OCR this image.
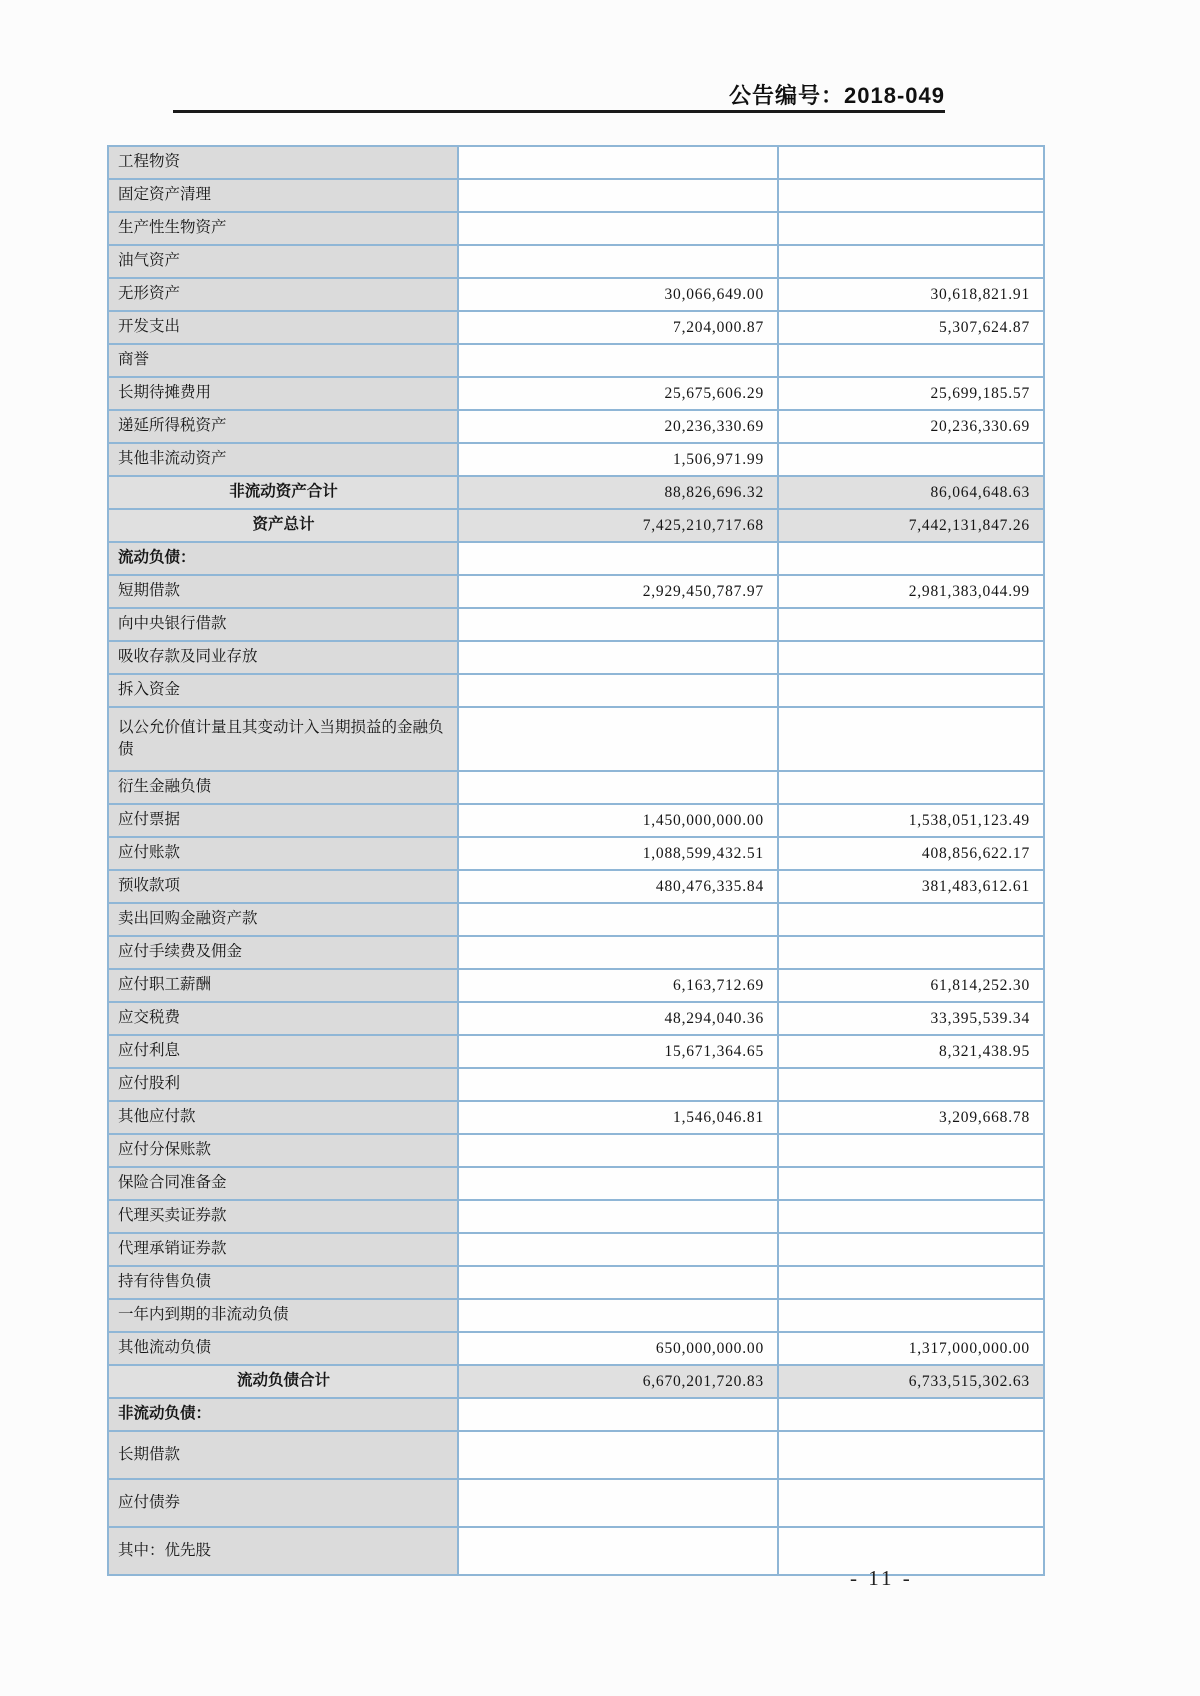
公告编号：2018-049
工程物资		
固定资产清理		
生产性生物资产		
油气资产		
无形资产	30,066,649.00	30,618,821.91
开发支出	7,204,000.87	5,307,624.87
商誉		
长期待摊费用	25,675,606.29	25,699,185.57
递延所得税资产	20,236,330.69	20,236,330.69
其他非流动资产	1,506,971.99	
非流动资产合计	88,826,696.32	86,064,648.63
资产总计	7,425,210,717.68	7,442,131,847.26
流动负债：		
短期借款	2,929,450,787.97	2,981,383,044.99
向中央银行借款		
吸收存款及同业存放		
拆入资金		
以公允价值计量且其变动计入当期损益的金融负债		
衍生金融负债		
应付票据	1,450,000,000.00	1,538,051,123.49
应付账款	1,088,599,432.51	408,856,622.17
预收款项	480,476,335.84	381,483,612.61
卖出回购金融资产款		
应付手续费及佣金		
应付职工薪酬	6,163,712.69	61,814,252.30
应交税费	48,294,040.36	33,395,539.34
应付利息	15,671,364.65	8,321,438.95
应付股利		
其他应付款	1,546,046.81	3,209,668.78
应付分保账款		
保险合同准备金		
代理买卖证券款		
代理承销证券款		
持有待售负债		
一年内到期的非流动负债		
其他流动负债	650,000,000.00	1,317,000,000.00
流动负债合计	6,670,201,720.83	6,733,515,302.63
非流动负债：		
长期借款		
应付债券		
其中：优先股		
- 11 -
